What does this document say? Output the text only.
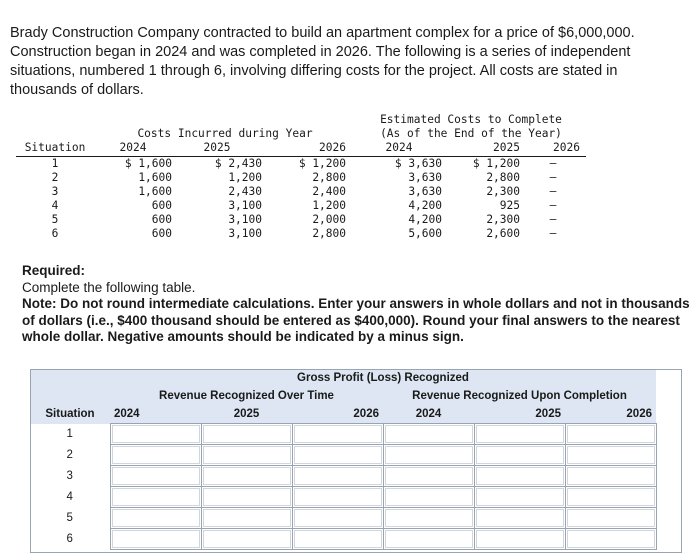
Brady Construction Company contracted to build an apartment complex for a price of $6,000,000. Construction began in 2024 and was completed in 2026. The following is a series of independent situations, numbered 1 through 6, involving differing costs for the project. All costs are stated in thousands of dollars.

				Estimated Costs to Complete		
	Costs Incurred during Year			(As of the End of the Year)		
Situation	2024	2025	2026	2024	2025	2026
1	$ 1,600	$ 2,430	$ 1,200	$ 3,630	$ 1,200	—
2	1,600	1,200	2,800	3,630	2,800	—
3	1,600	2,430	2,400	3,630	2,300	—
4	600	3,100	1,200	4,200	925	—
5	600	3,100	2,000	4,200	2,300	—
6	600	3,100	2,800	5,600	2,600	—
Required:
Complete the following table.
Note: Do not round intermediate calculations. Enter your answers in whole dollars and not in thousands of dollars (i.e., $400 thousand should be entered as $400,000). Round your final answers to the nearest whole dollar. Negative amounts should be indicated by a minus sign.
	Gross Profit (Loss) Recognized					
	Revenue Recognized Over Time			Revenue Recognized Upon Completion		
Situation	2024	2025	2026	2024	2025	2026
1	

2	

3	

4	

5	

6	
